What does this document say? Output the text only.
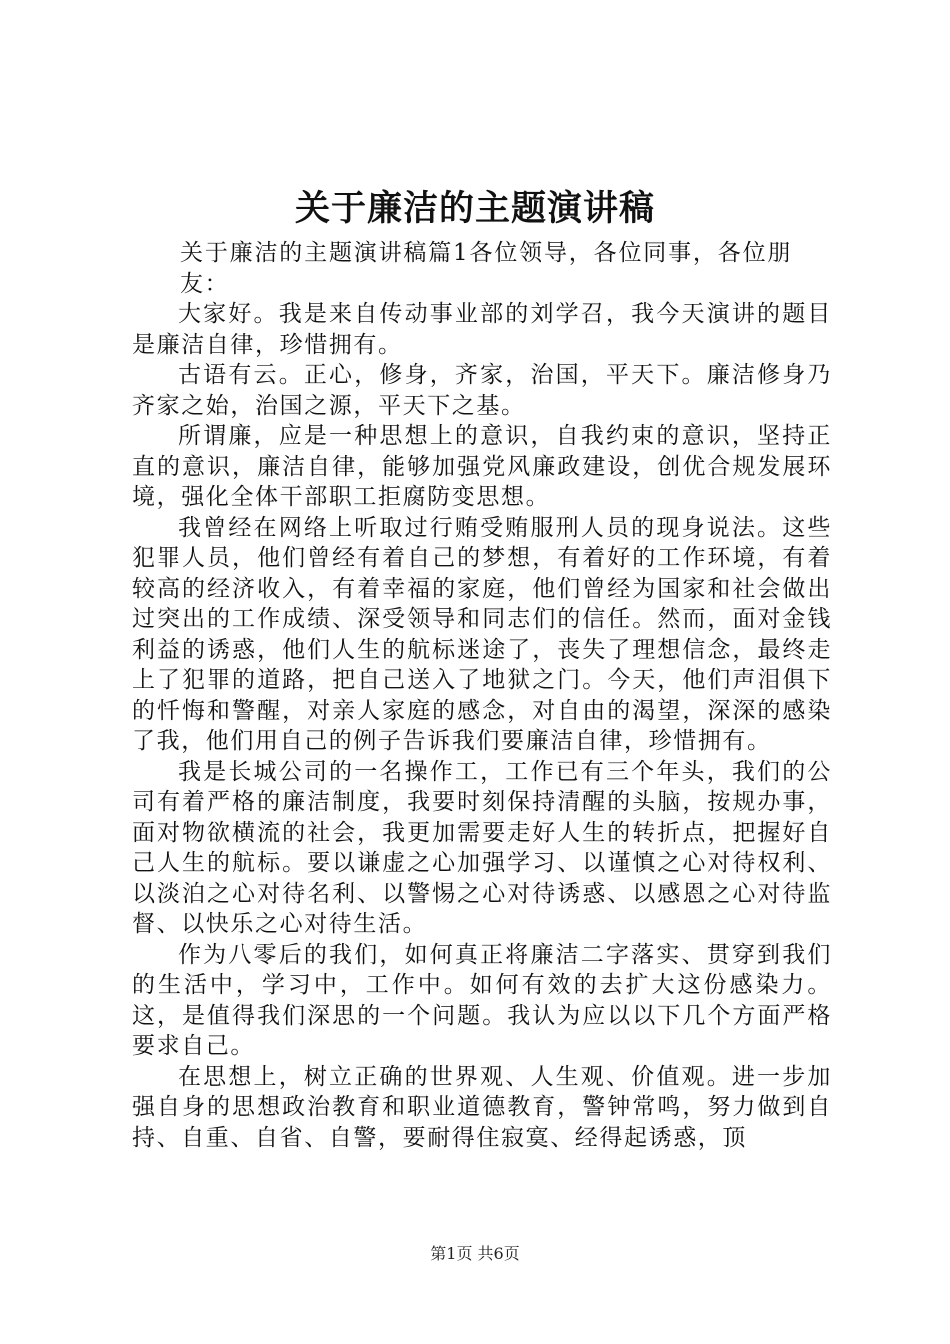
关于廉洁的主题演讲稿

关于廉洁的主题演讲稿篇1各位领导，各位同事，各位朋友：

大家好。我是来自传动事业部的刘学召，我今天演讲的题目是廉洁自律，珍惜拥有。

古语有云。正心，修身，齐家，治国，平天下。廉洁修身乃齐家之始，治国之源，平天下之基。

所谓廉，应是一种思想上的意识，自我约束的意识，坚持正直的意识，廉洁自律，能够加强党风廉政建设，创优合规发展环境，强化全体干部职工拒腐防变思想。

我曾经在网络上听取过行贿受贿服刑人员的现身说法。这些犯罪人员，他们曾经有着自己的梦想，有着好的工作环境，有着较高的经济收入，有着幸福的家庭，他们曾经为国家和社会做出过突出的工作成绩、深受领导和同志们的信任。然而，面对金钱利益的诱惑，他们人生的航标迷途了，丧失了理想信念，最终走上了犯罪的道路，把自己送入了地狱之门。今天，他们声泪俱下的忏悔和警醒，对亲人家庭的感念，对自由的渴望，深深的感染了我，他们用自己的例子告诉我们要廉洁自律，珍惜拥有。

我是长城公司的一名操作工，工作已有三个年头，我们的公司有着严格的廉洁制度，我要时刻保持清醒的头脑，按规办事，面对物欲横流的社会，我更加需要走好人生的转折点，把握好自己人生的航标。要以谦虚之心加强学习、以谨慎之心对待权利、以淡泊之心对待名利、以警惕之心对待诱惑、以感恩之心对待监督、以快乐之心对待生活。

作为八零后的我们，如何真正将廉洁二字落实、贯穿到我们的生活中，学习中，工作中。如何有效的去扩大这份感染力。这，是值得我们深思的一个问题。我认为应以以下几个方面严格要求自己。

在思想上，树立正确的世界观、人生观、价值观。进一步加强自身的思想政治教育和职业道德教育，警钟常鸣，努力做到自持、自重、自省、自警，要耐得住寂寞、经得起诱惑，顶

第1页 共6页
